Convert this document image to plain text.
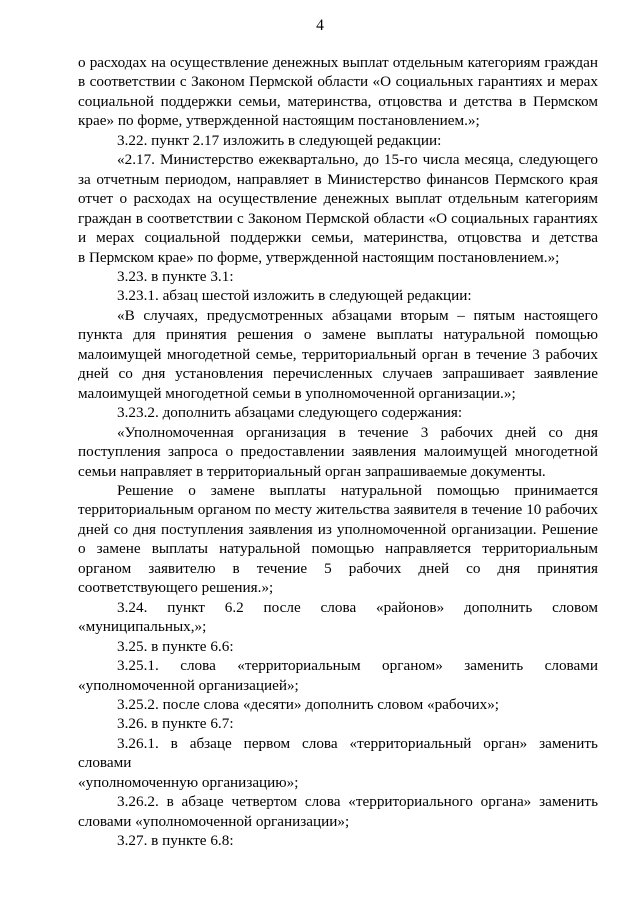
4
о расходах на осуществление денежных выплат отдельным категориям граждан
в соответствии с Законом Пермской области «О социальных гарантиях и мерах
социальной поддержки семьи, материнства, отцовства и детства в Пермском
крае» по форме, утвержденной настоящим постановлением.»;
3.22. пункт 2.17 изложить в следующей редакции:
«2.17. Министерство ежеквартально, до 15-го числа месяца, следующего
за отчетным периодом, направляет в Министерство финансов Пермского края
отчет о расходах на осуществление денежных выплат отдельным категориям
граждан в соответствии с Законом Пермской области «О социальных гарантиях
и мерах социальной поддержки семьи, материнства, отцовства и детства
в Пермском крае» по форме, утвержденной настоящим постановлением.»;
3.23. в пункте 3.1:
3.23.1. абзац шестой изложить в следующей редакции:
«В случаях, предусмотренных абзацами вторым – пятым настоящего
пункта для принятия решения о замене выплаты натуральной помощью
малоимущей многодетной семье, территориальный орган в течение 3 рабочих
дней со дня установления перечисленных случаев запрашивает заявление
малоимущей многодетной семьи в уполномоченной организации.»;
3.23.2. дополнить абзацами следующего содержания:
«Уполномоченная организация в течение 3 рабочих дней со дня
поступления запроса о предоставлении заявления малоимущей многодетной
семьи направляет в территориальный орган запрашиваемые документы.
Решение о замене выплаты натуральной помощью принимается
территориальным органом по месту жительства заявителя в течение 10 рабочих
дней со дня поступления заявления из уполномоченной организации. Решение
о замене выплаты натуральной помощью направляется территориальным
органом заявителю в течение 5 рабочих дней со дня принятия
соответствующего решения.»;
3.24. пункт 6.2 после слова «районов» дополнить словом
«муниципальных,»;
3.25. в пункте 6.6:
3.25.1. слова «территориальным органом» заменить словами
«уполномоченной организацией»;
3.25.2. после слова «десяти» дополнить словом «рабочих»;
3.26. в пункте 6.7:
3.26.1. в абзаце первом слова «территориальный орган» заменить словами
«уполномоченную организацию»;
3.26.2. в абзаце четвертом слова «территориального органа» заменить
словами «уполномоченной организации»;
3.27. в пункте 6.8:
